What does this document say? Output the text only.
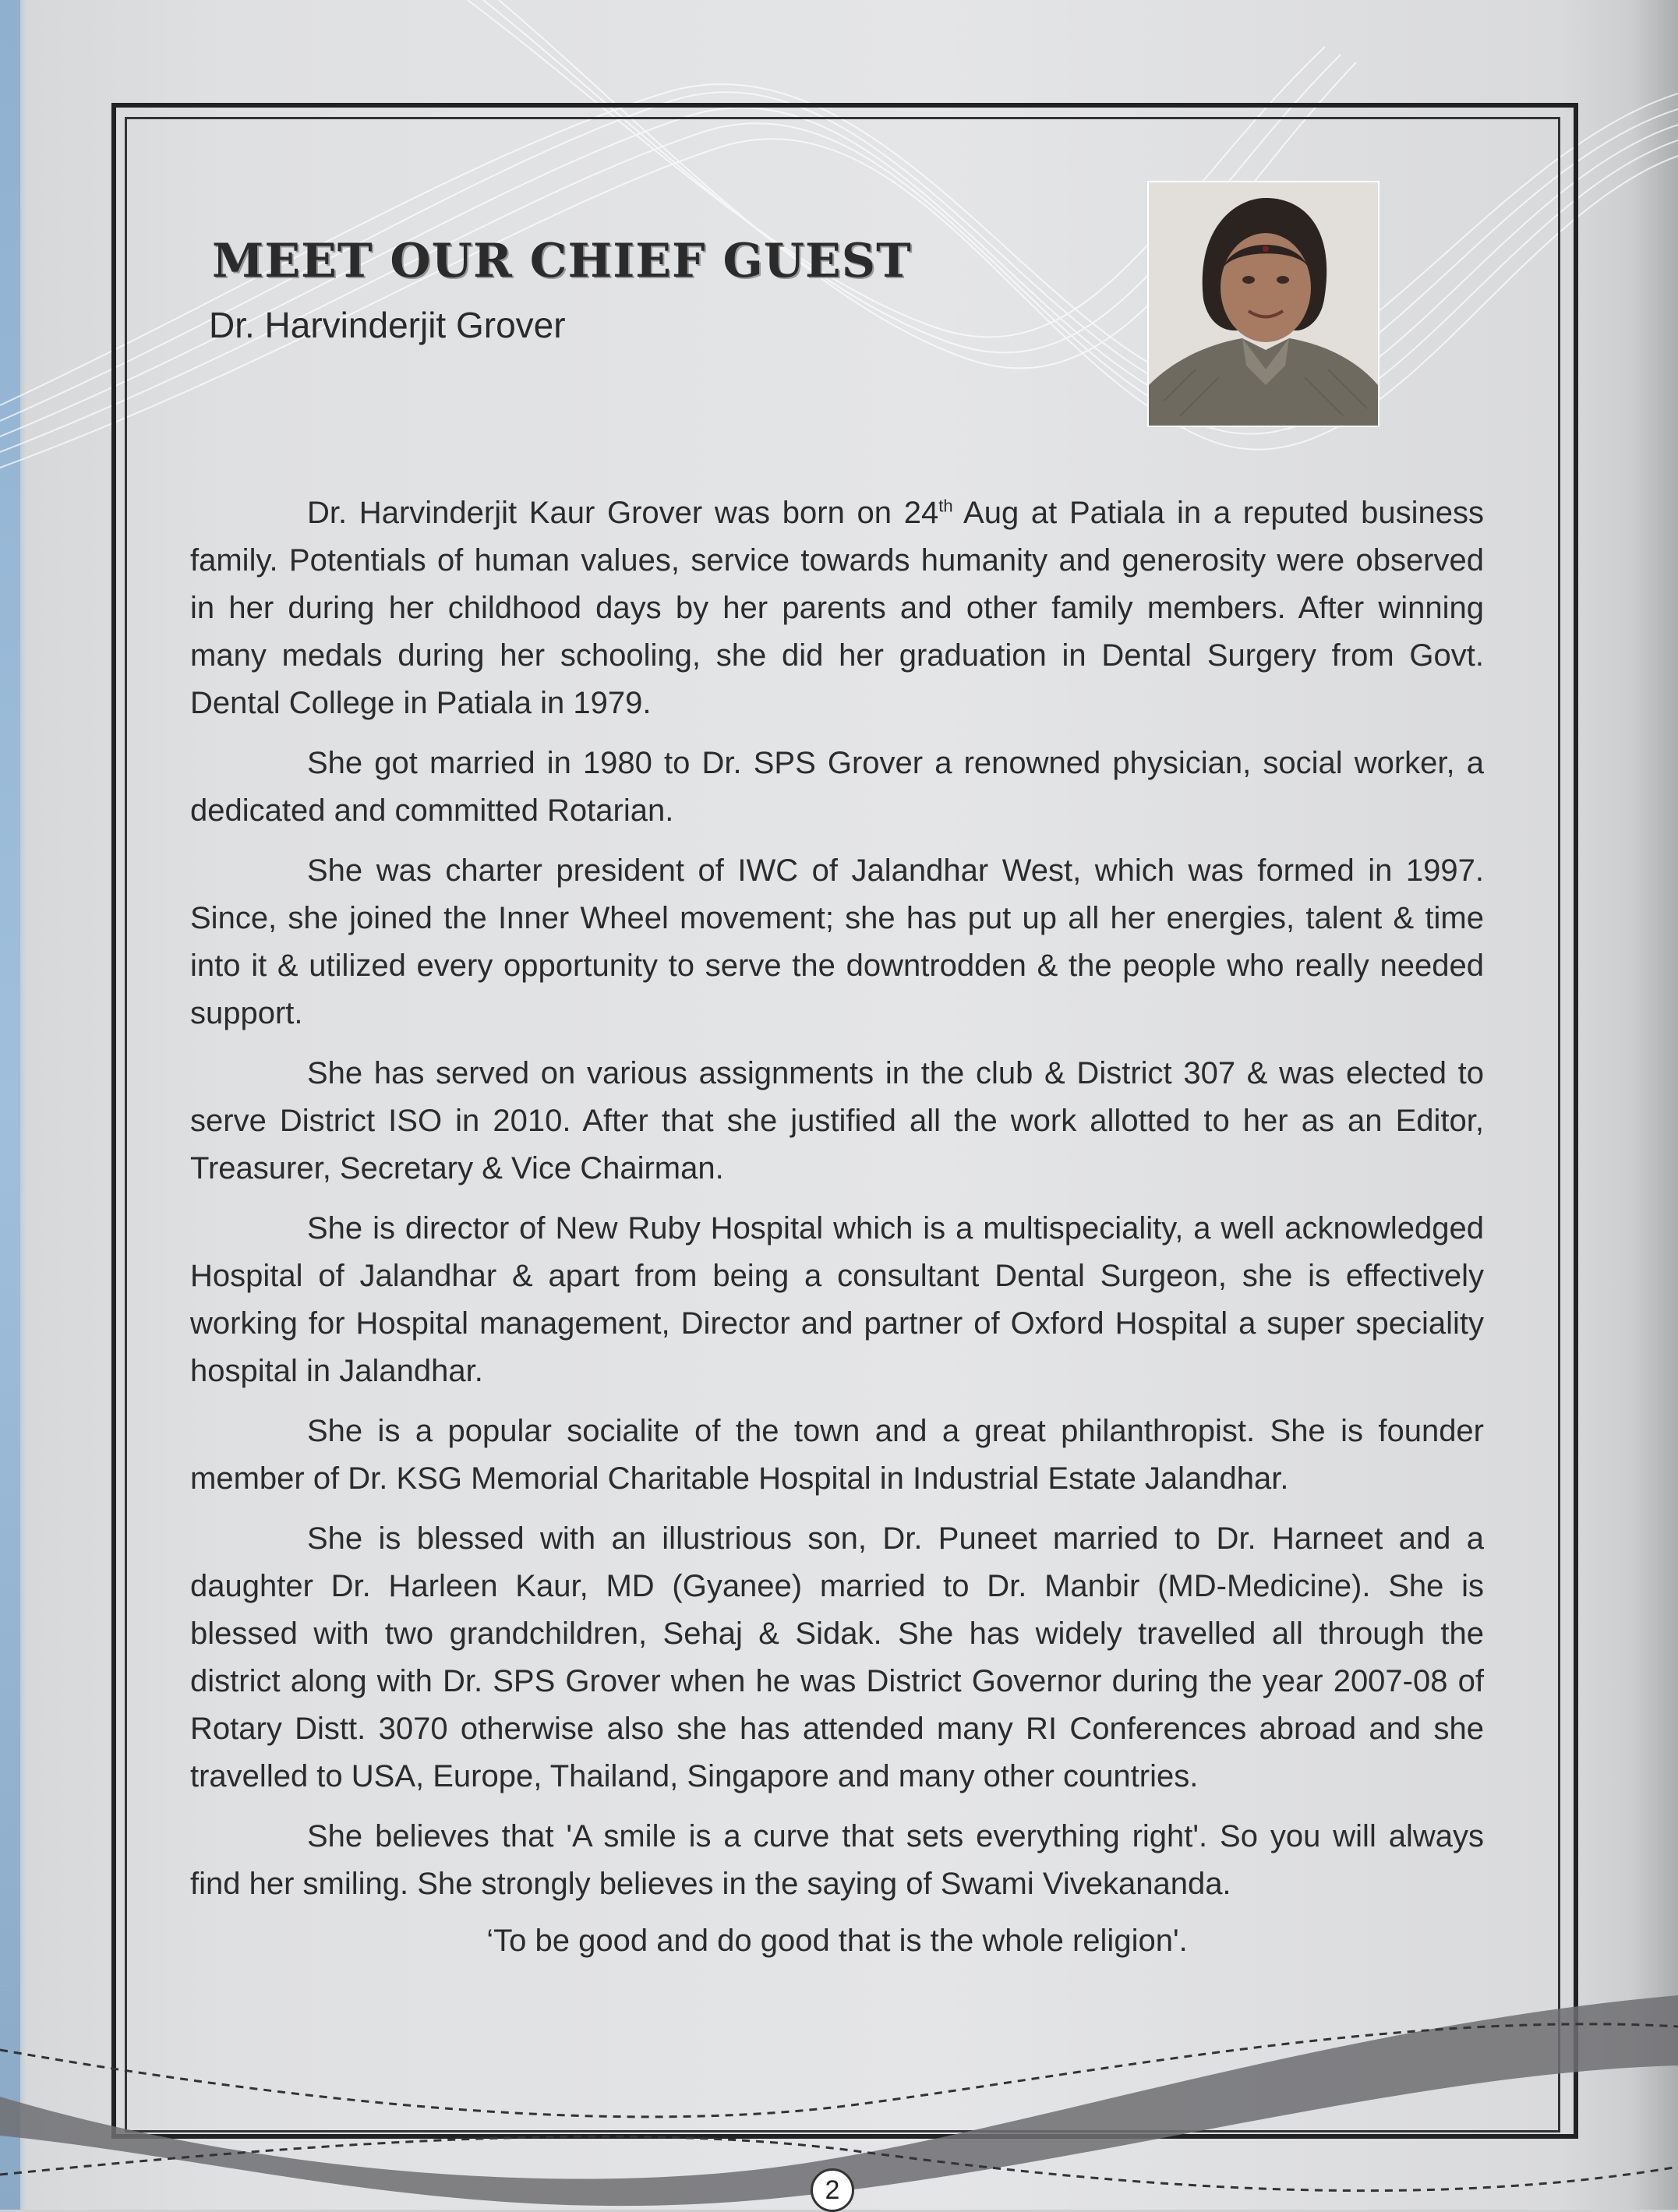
MEET OUR CHIEF GUEST
Dr. Harvinderjit Grover

Dr. Harvinderjit Kaur Grover was born on 24th Aug at Patiala in a reputed business family. Potentials of human values, service towards humanity and generosity were observed in her during her childhood days by her parents and other family members. After winning many medals during her schooling, she did her graduation in Dental Surgery from Govt. Dental College in Patiala in 1979.

She got married in 1980 to Dr. SPS Grover a renowned physician, social worker, a dedicated and committed Rotarian.

She was charter president of IWC of Jalandhar West, which was formed in 1997. Since, she joined the Inner Wheel movement; she has put up all her energies, talent & time into it & utilized every opportunity to serve the downtrodden & the people who really needed support.

She has served on various assignments in the club & District 307 & was elected to serve District ISO in 2010. After that she justified all the work allotted to her as an Editor, Treasurer, Secretary & Vice Chairman.

She is director of New Ruby Hospital which is a multispeciality, a well acknowledged Hospital of Jalandhar & apart from being a consultant Dental Surgeon, she is effectively working for Hospital management, Director and partner of Oxford Hospital a super speciality hospital in Jalandhar.

She is a popular socialite of the town and a great philanthropist. She is founder member of Dr. KSG Memorial Charitable Hospital in Industrial Estate Jalandhar.

She is blessed with an illustrious son, Dr. Puneet married to Dr. Harneet and a daughter Dr. Harleen Kaur, MD (Gyanee) married to Dr. Manbir (MD-Medicine). She is blessed with two grandchildren, Sehaj & Sidak. She has widely travelled all through the district along with Dr. SPS Grover when he was District Governor during the year 2007-08 of Rotary Distt. 3070 otherwise also she has attended many RI Conferences abroad and she travelled to USA, Europe, Thailand, Singapore and many other countries.

She believes that 'A smile is a curve that sets everything right'. So you will always find her smiling. She strongly believes in the saying of Swami Vivekananda.

‘To be good and do good that is the whole religion'.
2
